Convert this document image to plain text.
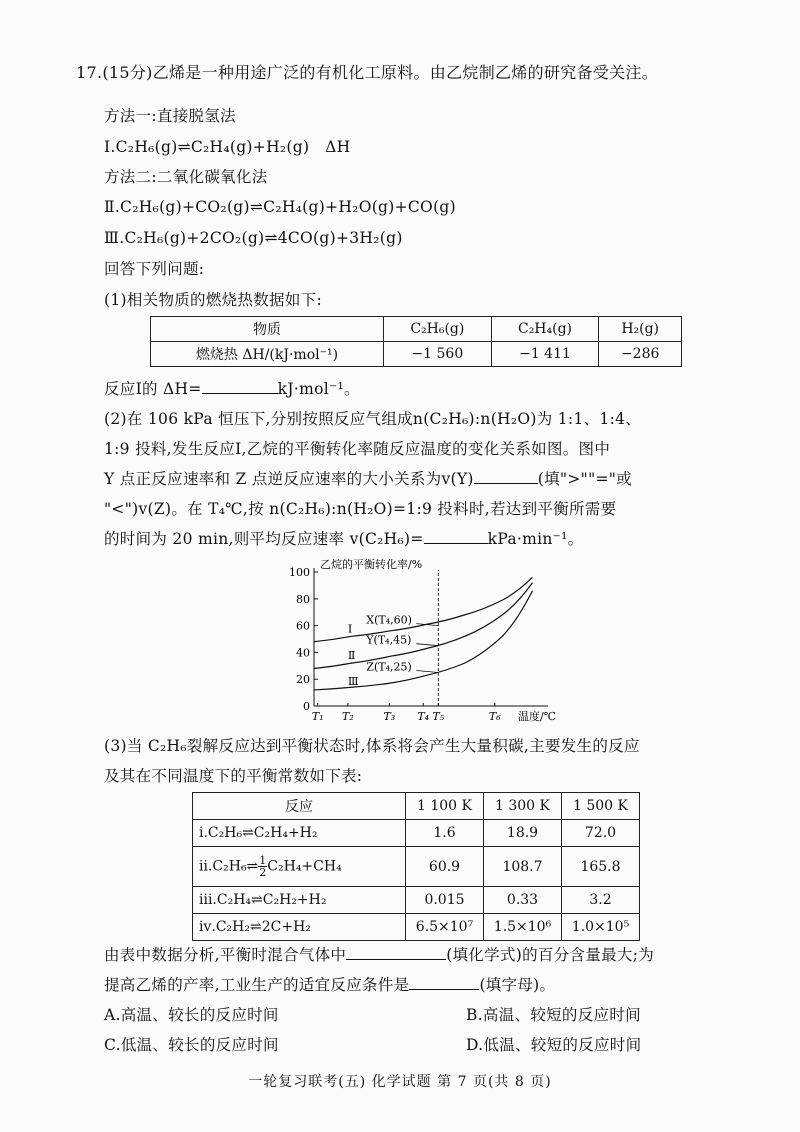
17.(15分)乙烯是一种用途广泛的有机化工原料。由乙烷制乙烯的研究备受关注。
方法一:直接脱氢法
Ⅰ.C₂H₆(g)⇌C₂H₄(g)+H₂(g)　ΔH
方法二:二氧化碳氧化法
Ⅱ.C₂H₆(g)+CO₂(g)⇌C₂H₄(g)+H₂O(g)+CO(g)
Ⅲ.C₂H₆(g)+2CO₂(g)⇌4CO(g)+3H₂(g)
回答下列问题:
(1)相关物质的燃烧热数据如下:
物质	C₂H₆(g)	C₂H₄(g)	H₂(g)
燃烧热 ΔH/(kJ·mol⁻¹)	−1 560	−1 411	−286
反应Ⅰ的 ΔH=	kJ·mol⁻¹。
(2)在 106 kPa 恒压下,分别按照反应气组成n(C₂H₆):n(H₂O)为 1:1、1:4、
1:9 投料,发生反应Ⅰ,乙烷的平衡转化率随反应温度的变化关系如图。图中
Y 点正反应速率和 Z 点逆反应速率的大小关系为v(Y)	(填">""="或
"<")v(Z)。在 T₄℃,按 n(C₂H₆):n(H₂O)=1:9 投料时,若达到平衡所需要
的时间为 20 min,则平均反应速率 v(C₂H₆)=	kPa·min⁻¹。
0
20
40
60
80
100
T₁ T₂	T₃ T₄ T₅	T₆
乙烷的平衡转化率/%
温度/℃
Ⅰ
Ⅱ
Ⅲ
X(T₄,60)
Y(T₄,45)
Z(T₄,25)
(3)当 C₂H₆裂解反应达到平衡状态时,体系将会产生大量积碳,主要发生的反应
及其在不同温度下的平衡常数如下表:
反应	1 100 K	1 300 K	1 500 K
ⅰ.C₂H₆⇌C₂H₄+H₂	1.6	18.9	72.0
ⅱ.C₂H₆⇌ $\frac{1}{2} C_2H_4+CH_4$	60.9	108.7	165.8
ⅲ.C₂H₄⇌C₂H₂+H₂	0.015	0.33	3.2
ⅳ.C₂H₂⇌2C+H₂	6.5×10⁷	1.5×10⁶	1.0×10⁵
由表中数据分析,平衡时混合气体中	(填化学式)的百分含量最大;为
提高乙烯的产率,工业生产的适宜反应条件是	(填字母)。
A.高温、较长的反应时间	B.高温、较短的反应时间
C.低温、较长的反应时间	D.低温、较短的反应时间
一轮复习联考(五) 化学试题 第 7 页(共 8 页)
